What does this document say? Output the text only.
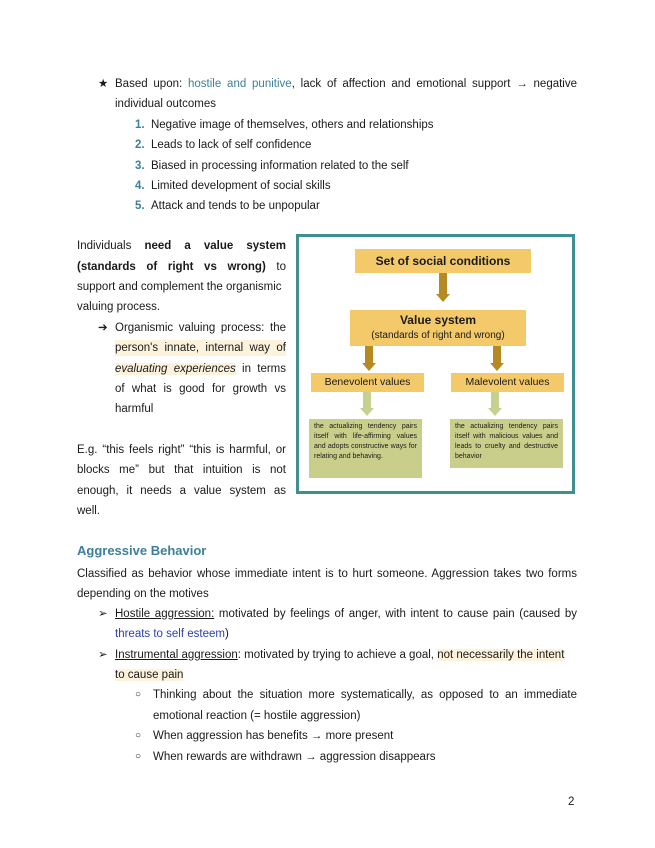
★ Based upon: hostile and punitive, lack of affection and emotional support → negative
individual outcomes
1. Negative image of themselves, others and relationships
2. Leads to lack of self confidence
3. Biased in processing information related to the self
4. Limited development of social skills
5. Attack and tends to be unpopular
Individuals need a value system
(standards of right vs wrong) to
support and complement the organismic
valuing process.
➔ Organismic valuing process: the
person's innate, internal way of
evaluating experiences in terms
of what is good for growth vs
harmful
E.g. “this feels right” “this is harmful, or
blocks me” but that intuition is not
enough, it needs a value system as
well.
Set of social conditions
Value system
(standards of right and wrong)
Benevolent values	Malevolent values
the actualizing tendency pairs itself with life-affirming values and adopts constructive ways for relating and behaving.
the actualizing tendency pairs itself with malicious values and leads to cruelty and destructive behavior
Aggressive Behavior
Classified as behavior whose immediate intent is to hurt someone. Aggression takes two forms
depending on the motives
➢ Hostile aggression: motivated by feelings of anger, with intent to cause pain (caused by
threats to self esteem)
➢ Instrumental aggression: motivated by trying to achieve a goal, not necessarily the intent
to cause pain
○ Thinking about the situation more systematically, as opposed to an immediate
emotional reaction (= hostile aggression)
○ When aggression has benefits → more present
○ When rewards are withdrawn → aggression disappears
2
